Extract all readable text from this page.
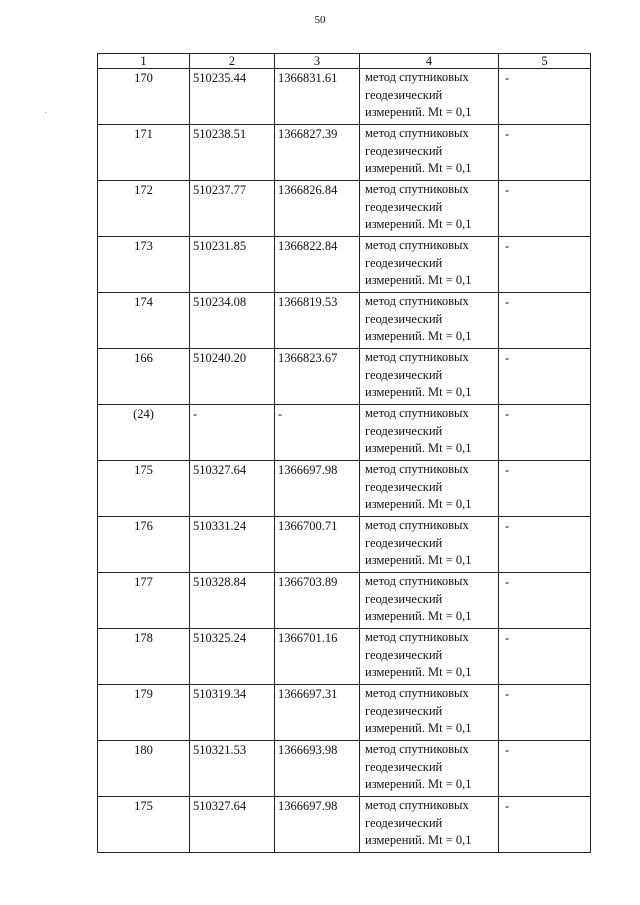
50
·
1	2	3	4	5
170	510235.44	1366831.61	метод спутниковых
геодезический
измерений. Mt = 0,1	-
171	510238.51	1366827.39	метод спутниковых
геодезический
измерений. Mt = 0,1	-
172	510237.77	1366826.84	метод спутниковых
геодезический
измерений. Mt = 0,1	-
173	510231.85	1366822.84	метод спутниковых
геодезический
измерений. Mt = 0,1	-
174	510234.08	1366819.53	метод спутниковых
геодезический
измерений. Mt = 0,1	-
166	510240.20	1366823.67	метод спутниковых
геодезический
измерений. Mt = 0,1	-
(24)	-	-	метод спутниковых
геодезический
измерений. Mt = 0,1	-
175	510327.64	1366697.98	метод спутниковых
геодезический
измерений. Mt = 0,1	-
176	510331.24	1366700.71	метод спутниковых
геодезический
измерений. Mt = 0,1	-
177	510328.84	1366703.89	метод спутниковых
геодезический
измерений. Mt = 0,1	-
178	510325.24	1366701.16	метод спутниковых
геодезический
измерений. Mt = 0,1	-
179	510319.34	1366697.31	метод спутниковых
геодезический
измерений. Mt = 0,1	-
180	510321.53	1366693.98	метод спутниковых
геодезический
измерений. Mt = 0,1	-
175	510327.64	1366697.98	метод спутниковых
геодезический
измерений. Mt = 0,1	-
